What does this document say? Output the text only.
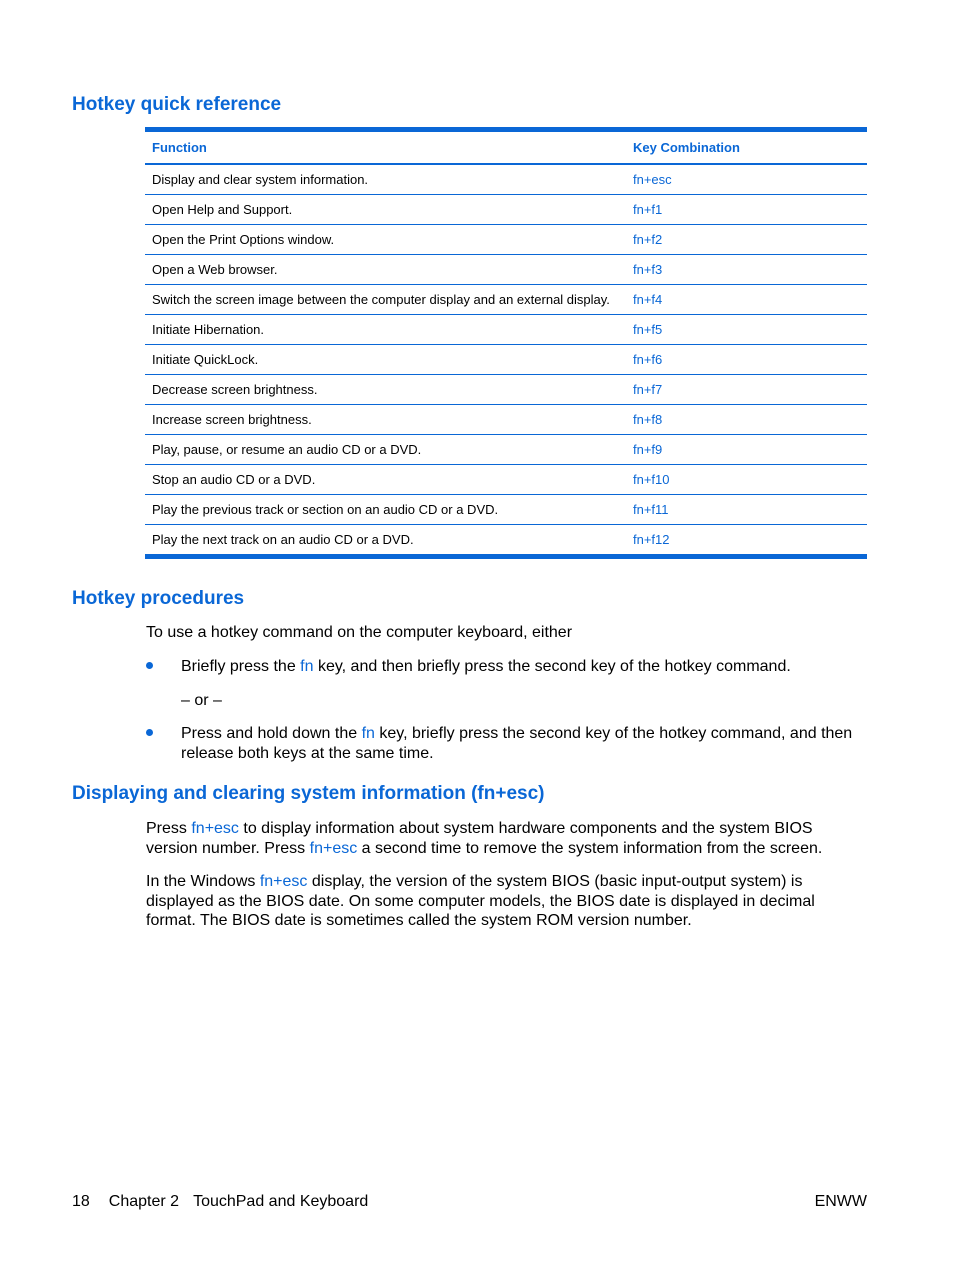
Hotkey quick reference
Function	Key Combination
Display and clear system information.	fn+esc
Open Help and Support.	fn+f1
Open the Print Options window.	fn+f2
Open a Web browser.	fn+f3
Switch the screen image between the computer display and an external display.	fn+f4
Initiate Hibernation.	fn+f5
Initiate QuickLock.	fn+f6
Decrease screen brightness.	fn+f7
Increase screen brightness.	fn+f8
Play, pause, or resume an audio CD or a DVD.	fn+f9
Stop an audio CD or a DVD.	fn+f10
Play the previous track or section on an audio CD or a DVD.	fn+f11
Play the next track on an audio CD or a DVD.	fn+f12
Hotkey procedures

To use a hotkey command on the computer keyboard, either

Briefly press the fn key, and then briefly press the second key of the hotkey command.

– or –

Press and hold down the fn key, briefly press the second key of the hotkey command, and then release both keys at the same time.
Displaying and clearing system information (fn+esc)

Press fn+esc to display information about system hardware components and the system BIOS version number. Press fn+esc a second time to remove the system information from the screen.

In the Windows fn+esc display, the version of the system BIOS (basic input-output system) is displayed as the BIOS date. On some computer models, the BIOS date is displayed in decimal format. The BIOS date is sometimes called the system ROM version number.

18 Chapter 2 TouchPad and Keyboard	ENWW
